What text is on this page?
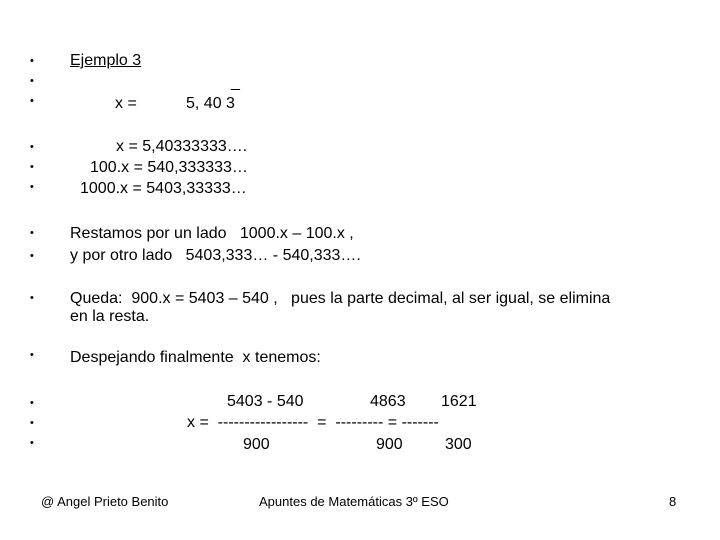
•
•
•
•
•
•
•
•
•
•
•
•
•
Ejemplo 3
x =
_
5, 40 3
x = 5,40333333….
100.x = 540,333333…
1000.x = 5403,33333…
Restamos por un lado   1000.x – 100.x ,
y por otro lado   5403,333… - 540,333….
Queda:  900.x = 5403 – 540 ,   pues la parte decimal, al ser igual, se elimina
en la resta.
Despejando finalmente  x tenemos:
5403 - 540	4863 1621
x =  -----------------  =  --------- = -------
900	900	300
@ Angel Prieto Benito	Apuntes de Matemáticas 3º ESO	8
